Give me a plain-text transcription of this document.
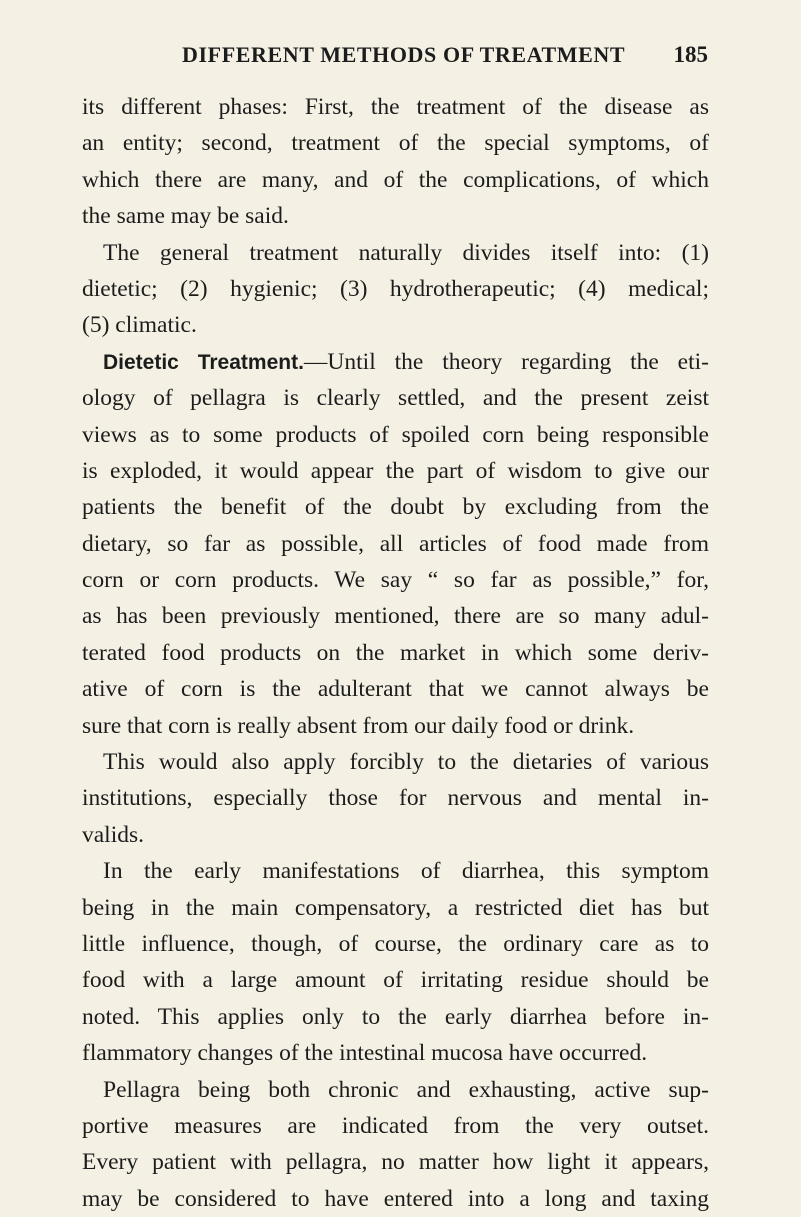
DIFFERENT METHODS OF TREATMENT 185
its different phases: First, the treatment of the disease as
an entity; second, treatment of the special symptoms, of
which there are many, and of the complications, of which
the same may be said.
The general treatment naturally divides itself into: (1)
dietetic; (2) hygienic; (3) hydrotherapeutic; (4) medical;
(5) climatic.
Dietetic Treatment.—Until the theory regarding the eti-
ology of pellagra is clearly settled, and the present zeist
views as to some products of spoiled corn being responsible
is exploded, it would appear the part of wisdom to give our
patients the benefit of the doubt by excluding from the
dietary, so far as possible, all articles of food made from
corn or corn products. We say “ so far as possible,” for,
as has been previously mentioned, there are so many adul-
terated food products on the market in which some deriv-
ative of corn is the adulterant that we cannot always be
sure that corn is really absent from our daily food or drink.
This would also apply forcibly to the dietaries of various
institutions, especially those for nervous and mental in-
valids.
In the early manifestations of diarrhea, this symptom
being in the main compensatory, a restricted diet has but
little influence, though, of course, the ordinary care as to
food with a large amount of irritating residue should be
noted. This applies only to the early diarrhea before in-
flammatory changes of the intestinal mucosa have occurred.
Pellagra being both chronic and exhausting, active sup-
portive measures are indicated from the very outset.
Every patient with pellagra, no matter how light it appears,
may be considered to have entered into a long and taxing
